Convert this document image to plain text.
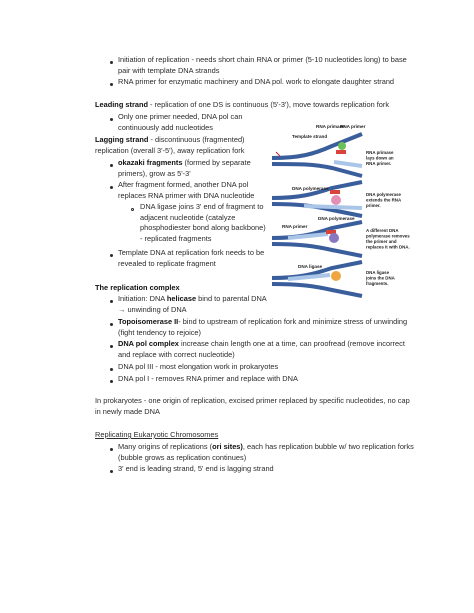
Initiation of replication - needs short chain RNA or primer (5-10 nucleotides long) to base pair with template DNA strands
RNA primer for enzymatic machinery and DNA pol. work to elongate daughter strand
Leading strand - replication of one DS is continuous (5'-3'), move towards replication fork
Only one primer needed, DNA pol can continuously add nucleotides
Lagging strand - discontinuous (fragmented) replication (overall 3'-5'), away replication fork
okazaki fragments (formed by separate primers), grow as 5'-3'
After fragment formed, another DNA pol replaces RNA primer with DNA nucleotide
DNA ligase joins 3' end of fragment to adjacent nucleotide (catalyze phosphodiester bond along backbone) - replicated fragments
Template DNA at replication fork needs to be revealed to replicate fragment
The replication complex
Initiation: DNA helicase bind to parental DNA
→ unwinding of DNA
Topoisomerase II- bind to upstream of replication fork and minimize stress of unwinding (fight tendency to rejoice)
DNA pol complex increase chain length one at a time, can proofread (remove incorrect and replace with correct nucleotide)
DNA pol III - most elongation work in prokaryotes
DNA pol I - removes RNA primer and replace with DNA
In prokaryotes - one origin of replication, excised primer replaced by specific nucleotides, no cap in newly made DNA
Replicating Eukaryotic Chromosomes
Many origins of replications (ori sites), each has replication bubble w/ two replication forks (bubble grows as replication continues)
3' end is leading strand, 5' end is lagging strand
Template strand
RNA primase
RNA primer
RNA primase lays down an RNA primer.
DNA polymerase
DNA polymerase extends the RNA primer.
RNA primer
DNA polymerase
A different DNA polymerase removes the primer and replaces it with DNA.
DNA ligase
DNA ligase joins the DNA fragments.
